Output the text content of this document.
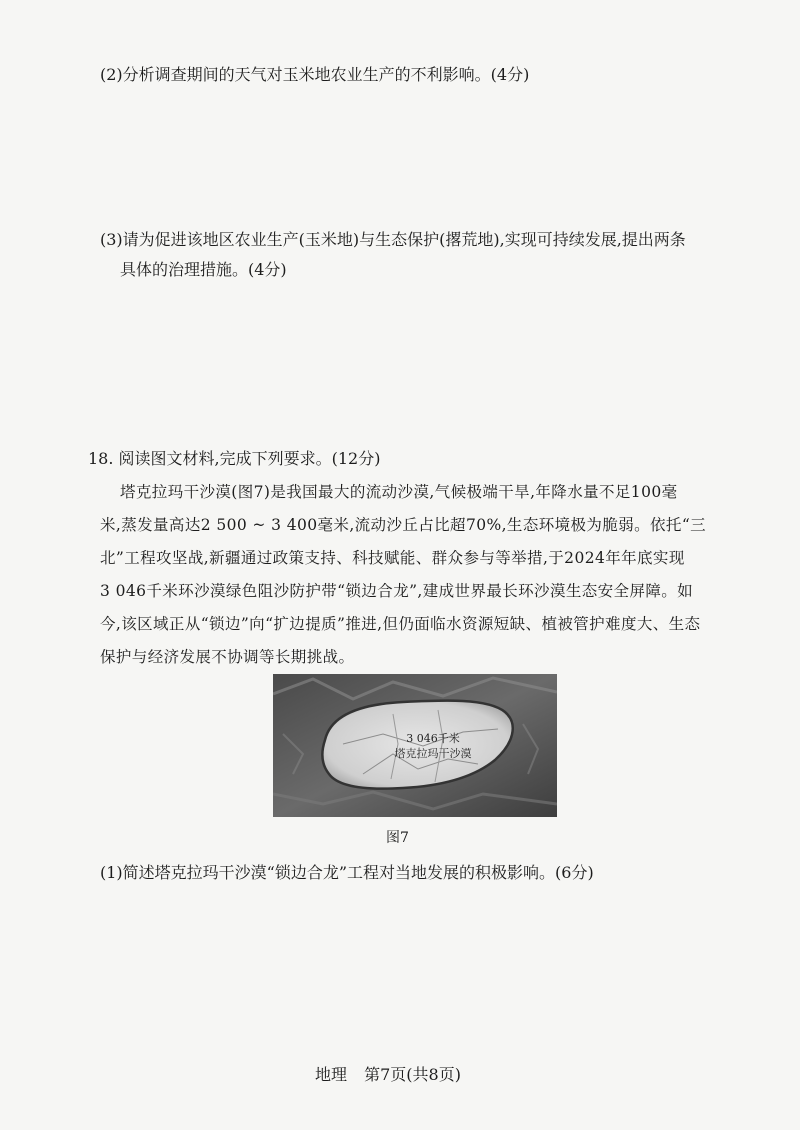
(2)分析调查期间的天气对玉米地农业生产的不利影响。(4分)
(3)请为促进该地区农业生产(玉米地)与生态保护(撂荒地),实现可持续发展,提出两条
具体的治理措施。(4分)
18. 阅读图文材料,完成下列要求。(12分)
塔克拉玛干沙漠(图7)是我国最大的流动沙漠,气候极端干旱,年降水量不足100毫
米,蒸发量高达2 500 ~ 3 400毫米,流动沙丘占比超70%,生态环境极为脆弱。依托“三
北”工程攻坚战,新疆通过政策支持、科技赋能、群众参与等举措,于2024年年底实现
3 046千米环沙漠绿色阻沙防护带“锁边合龙”,建成世界最长环沙漠生态安全屏障。如
今,该区域正从“锁边”向“扩边提质”推进,但仍面临水资源短缺、植被管护难度大、生态
保护与经济发展不协调等长期挑战。
3 046千米
塔克拉玛干沙漠
图7
(1)简述塔克拉玛干沙漠“锁边合龙”工程对当地发展的积极影响。(6分)
地理 第7页(共8页)
